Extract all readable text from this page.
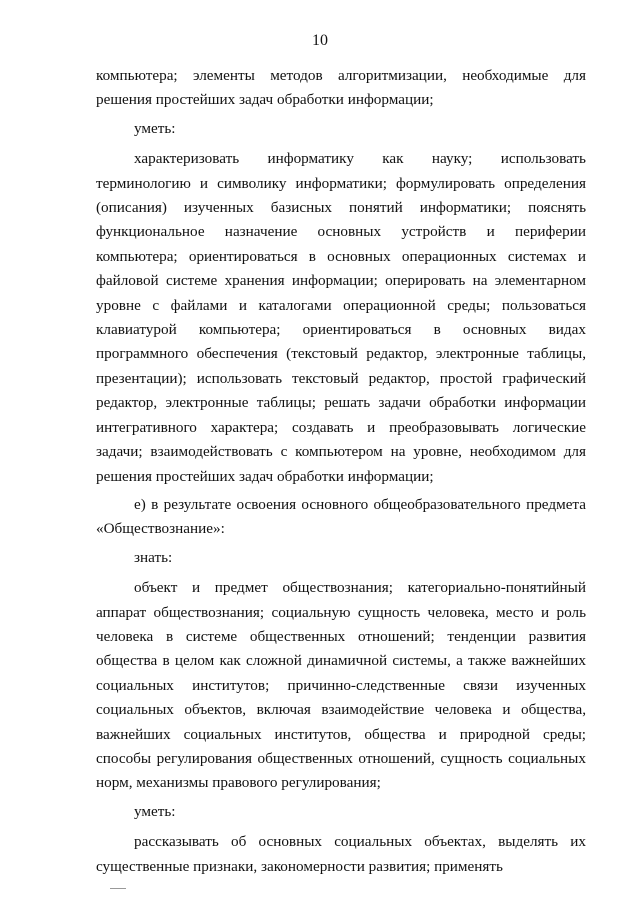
10

компьютера; элементы методов алгоритмизации, необходимые для решения простейших задач обработки информации;

уметь:

характеризовать информатику как науку; использовать терминологию и символику информатики; формулировать определения (описания) изученных базисных понятий информатики; пояснять функциональное назначение основных устройств и периферии компьютера; ориентироваться в основных операционных системах и файловой системе хранения информации; оперировать на элементарном уровне с файлами и каталогами операционной среды; пользоваться клавиатурой компьютера; ориентироваться в основных видах программного обеспечения (текстовый редактор, электронные таблицы, презентации); использовать текстовый редактор, простой графический редактор, электронные таблицы; решать задачи обработки информации интегративного характера; создавать и преобразовывать логические задачи; взаимодействовать с компьютером на уровне, необходимом для решения простейших задач обработки информации;

е) в результате освоения основного общеобразовательного предмета «Обществознание»:

знать:

объект и предмет обществознания; категориально-понятийный аппарат обществознания; социальную сущность человека, место и роль человека в системе общественных отношений; тенденции развития общества в целом как сложной динамичной системы, а также важнейших социальных институтов; причинно-следственные связи изученных социальных объектов, включая взаимодействие человека и общества, важнейших социальных институтов, общества и природной среды; способы регулирования общественных отношений, сущность социальных норм, механизмы правового регулирования;

уметь:

рассказывать об основных социальных объектах, выделять их существенные признаки, закономерности развития; применять
